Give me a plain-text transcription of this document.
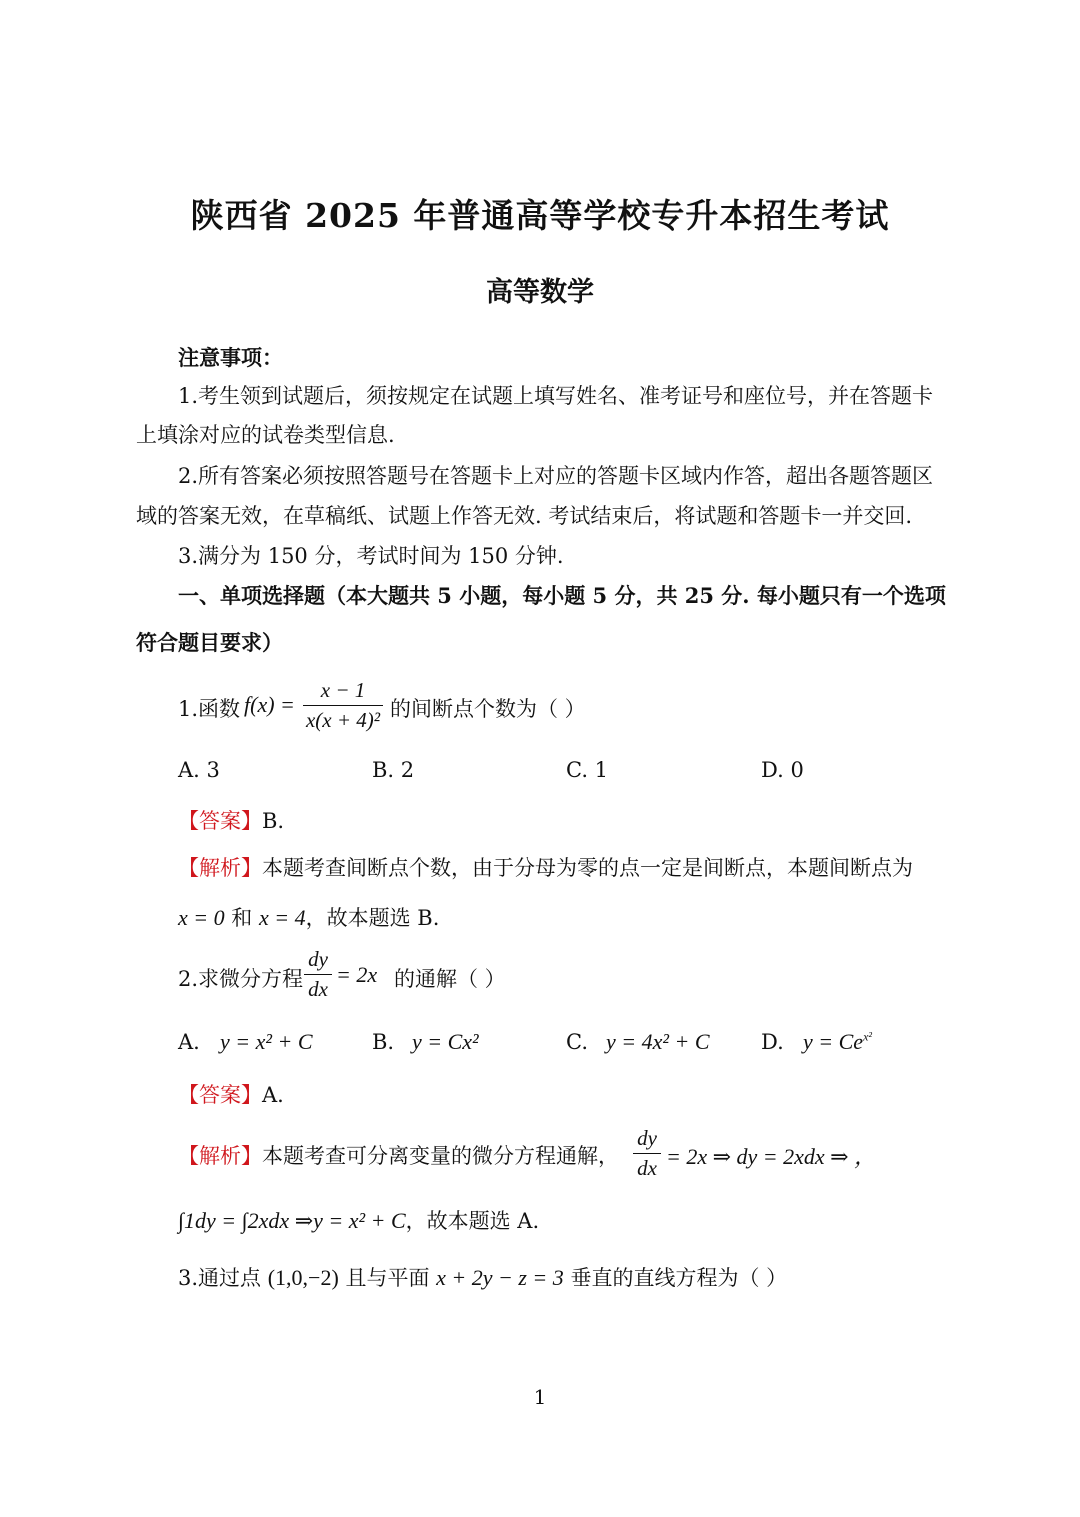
陕西省 2025 年普通高等学校专升本招生考试
高等数学
注意事项：
1.考生领到试题后，须按规定在试题上填写姓名、准考证号和座位号，并在答题卡
上填涂对应的试卷类型信息.
2.所有答案必须按照答题号在答题卡上对应的答题卡区域内作答，超出各题答题区
域的答案无效，在草稿纸、试题上作答无效. 考试结束后，将试题和答题卡一并交回.
3.满分为 150 分，考试时间为 150 分钟.
一、单项选择题（本大题共 5 小题，每小题 5 分，共 25 分. 每小题只有一个选项
符合题目要求）
1.函数 f(x) =
x − 1
x(x + 4)² 的间断点个数为（ ）
A. 3	B. 2	C. 1	D. 0
【答案】B.
【解析】本题考查间断点个数，由于分母为零的点一定是间断点，本题间断点为
x = 0 和 x = 4，故本题选 B.
2.求微分方程
dy
dx
= 2x 的通解（ ）
A. y = x² + C	B. y = Cx²	C. y = 4x² + C D. $y = Ce^{x^2}$
【答案】A.
【解析】本题考查可分离变量的微分方程通解，
dy
dx = 2x ⇒ dy = 2xdx ⇒ ，
∫1dy = ∫2xdx ⇒y = x² + C，故本题选 A.
3.通过点 (1,0,−2) 且与平面 x + 2y − z = 3 垂直的直线方程为（ ）
1
